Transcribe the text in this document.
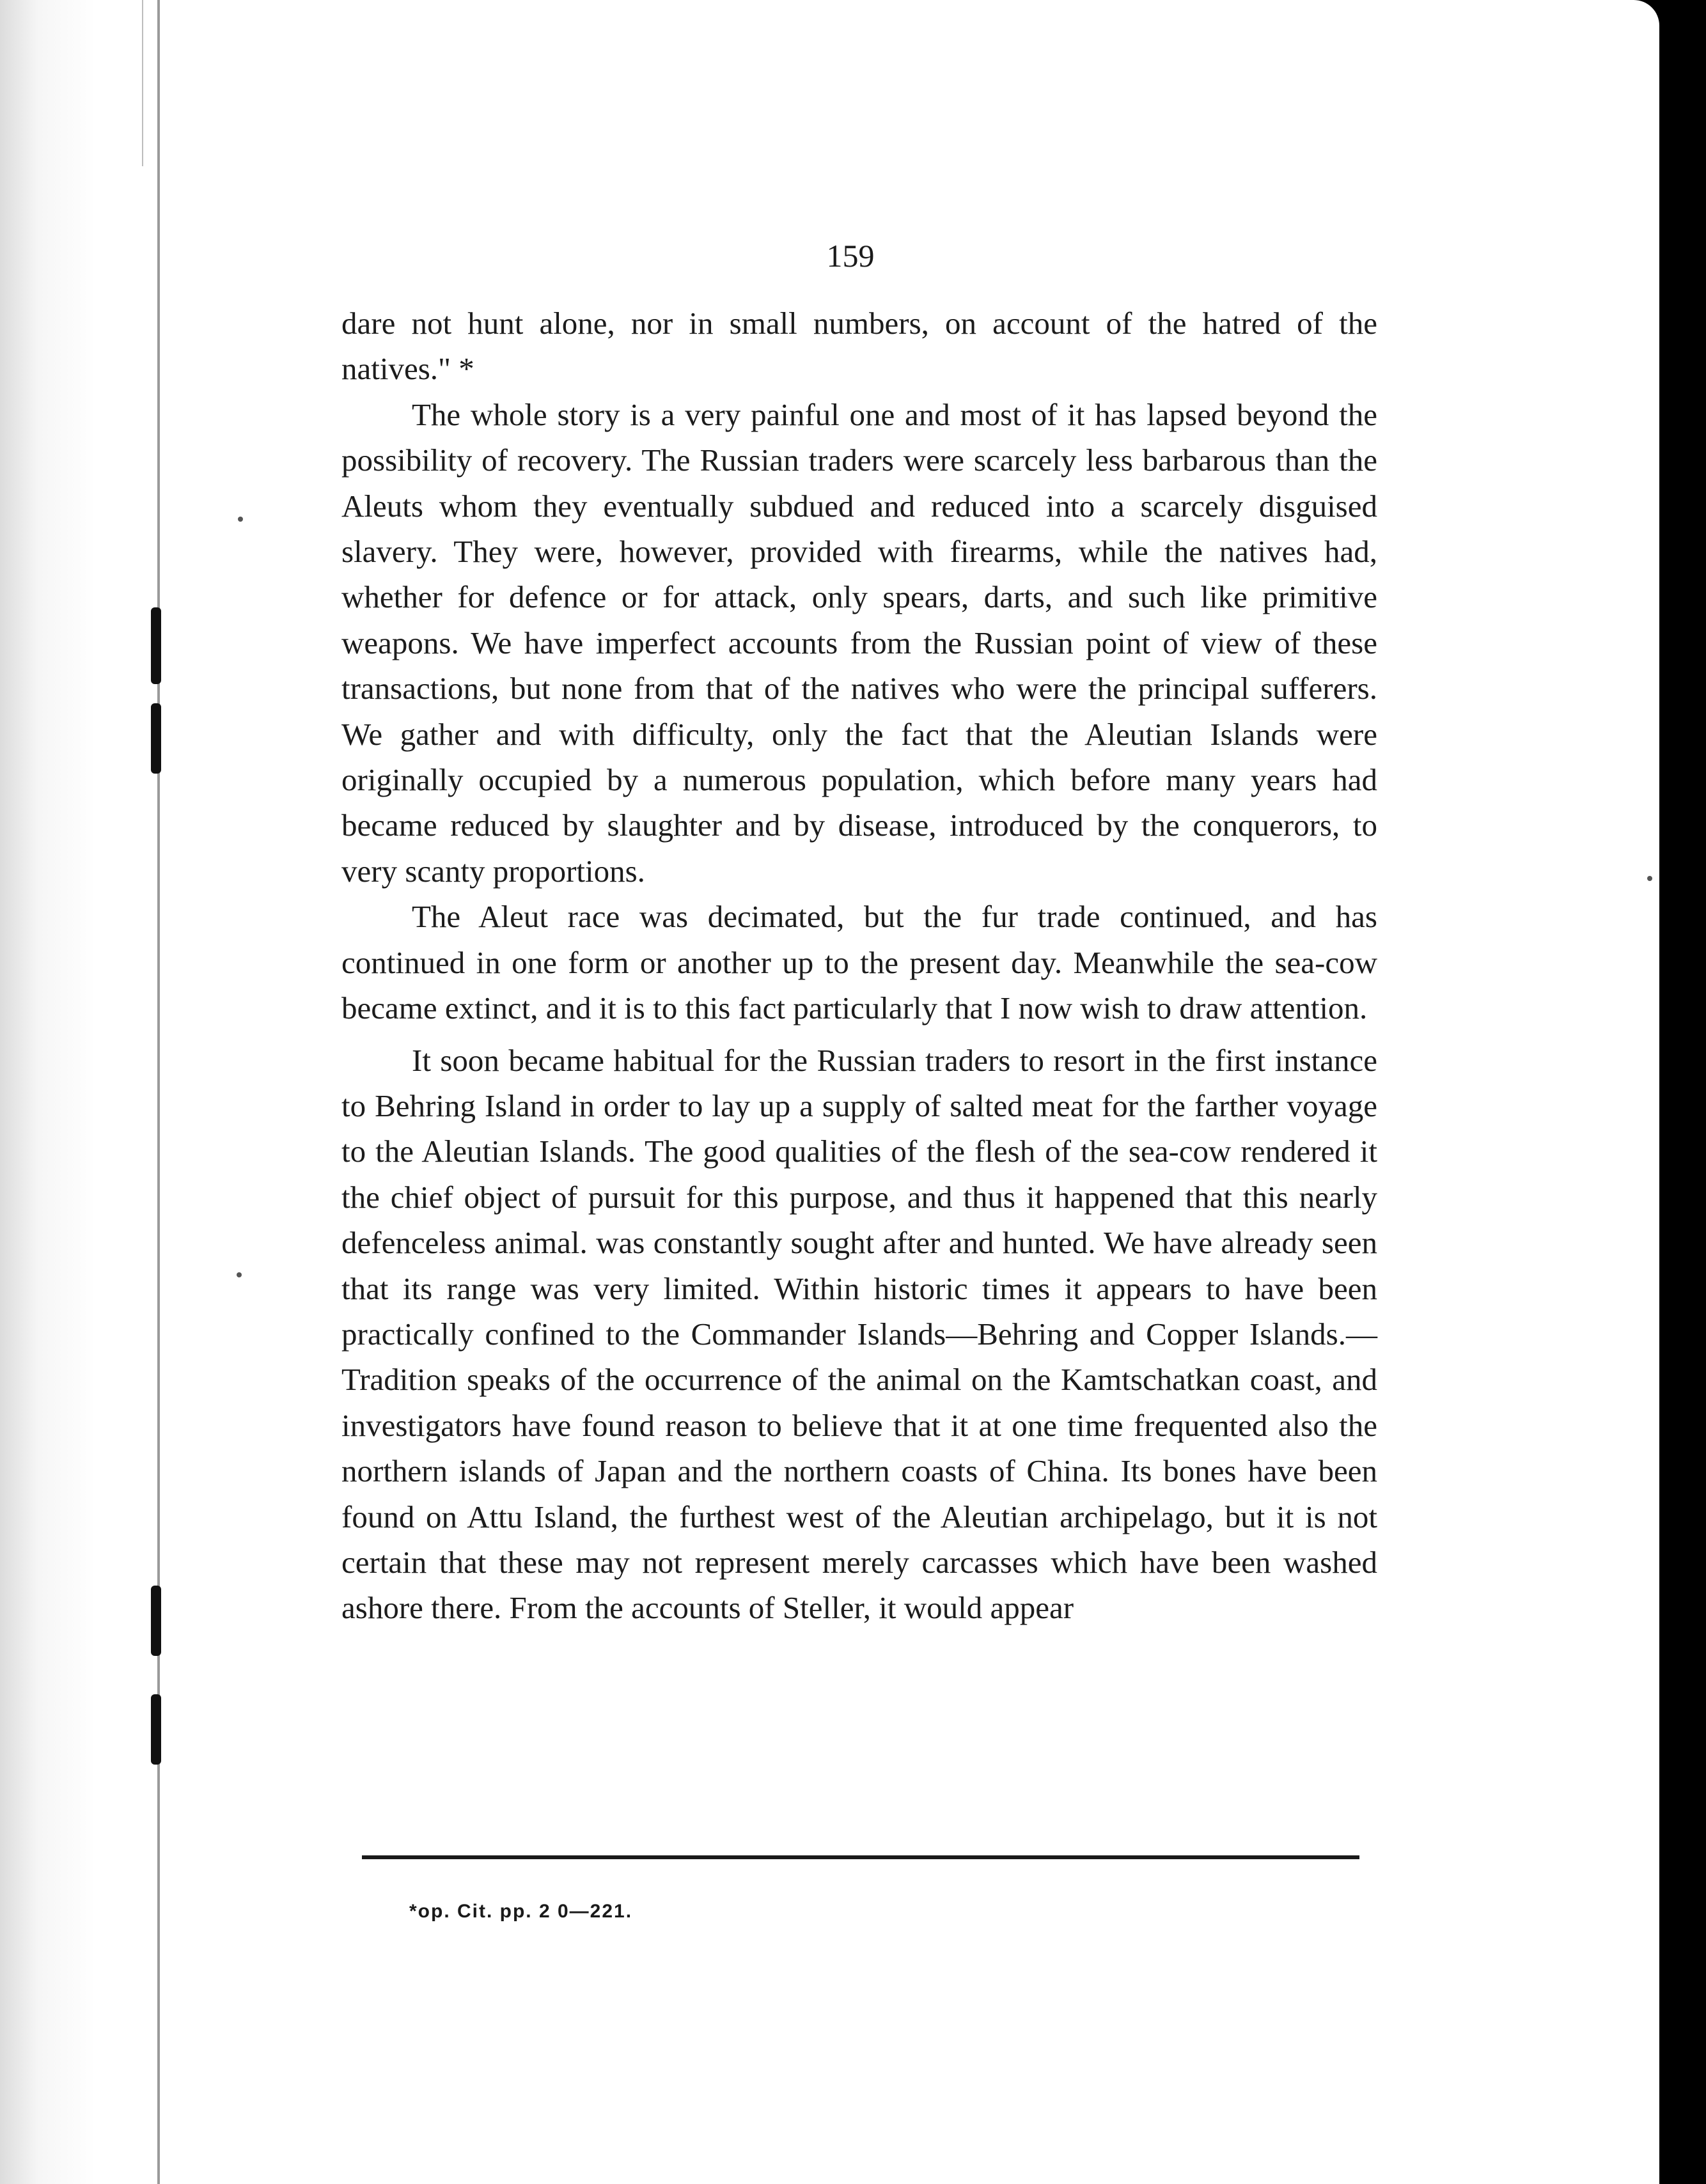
159

dare not hunt alone, nor in small numbers, on account of the hatred of the natives." *

The whole story is a very painful one and most of it has lapsed beyond the possibility of recovery. The Russian traders were scarcely less barbarous than the Aleuts whom they eventually subdued and reduced into a scarcely disguised slavery. They were, however, provided with firearms, while the natives had, whether for defence or for attack, only spears, darts, and such like primitive weapons. We have imperfect accounts from the Russian point of view of these transactions, but none from that of the natives who were the principal sufferers. We gather and with difficulty, only the fact that the Aleutian Islands were originally occupied by a numerous population, which before many years had became reduced by slaughter and by disease, introduced by the conquerors, to very scanty proportions.

The Aleut race was decimated, but the fur trade continued, and has continued in one form or another up to the present day. Meanwhile the sea-cow became extinct, and it is to this fact particularly that I now wish to draw attention.

It soon became habitual for the Russian traders to resort in the first instance to Behring Island in order to lay up a supply of salted meat for the farther voyage to the Aleutian Islands. The good qualities of the flesh of the sea-cow rendered it the chief object of pursuit for this purpose, and thus it happened that this nearly defenceless animal. was constantly sought after and hunted. We have already seen that its range was very limited. Within historic times it appears to have been practically confined to the Commander Islands—Behring and Copper Islands.—Tradition speaks of the occurrence of the animal on the Kamtschatkan coast, and investigators have found reason to believe that it at one time frequented also the northern islands of Japan and the northern coasts of China. Its bones have been found on Attu Island, the furthest west of the Aleutian archipelago, but it is not certain that these may not represent merely carcasses which have been washed ashore there. From the accounts of Steller, it would appear

*op. Cit. pp. 2 0—221.
